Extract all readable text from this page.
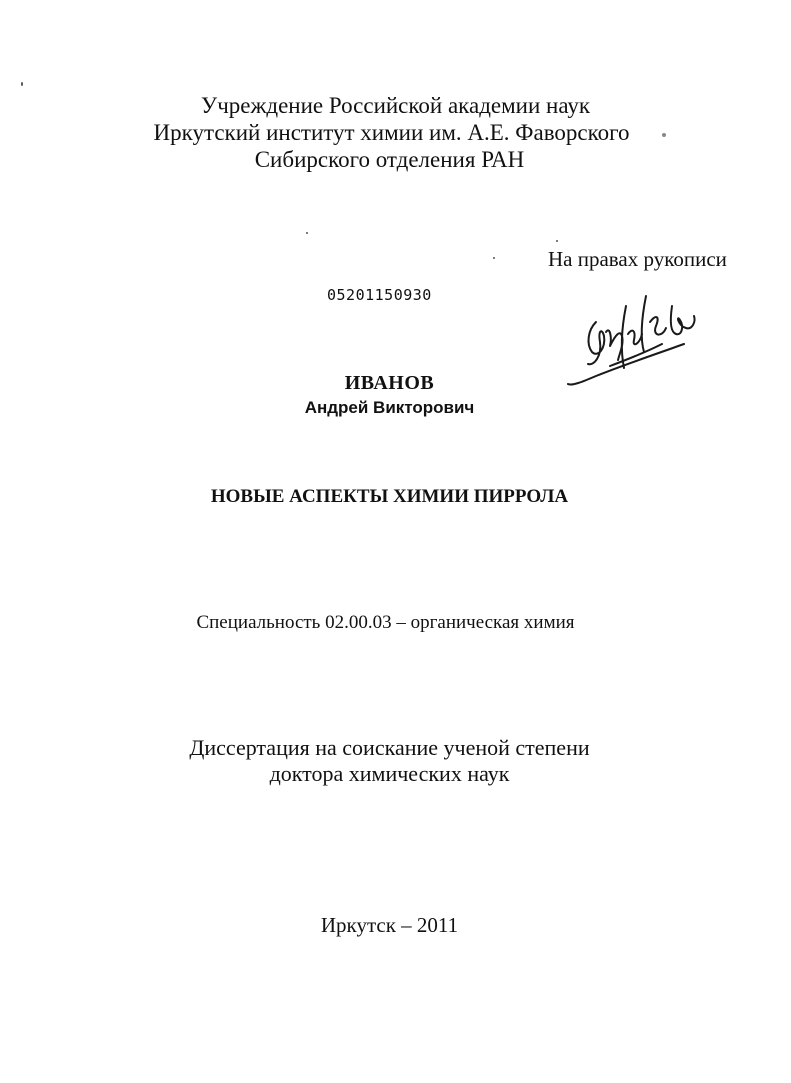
Учреждение Российской академии наук
Иркутский институт химии им. А.Е. Фаворского
Сибирского отделения РАН
На правах рукописи
05201150930
ИВАНОВ
Андрей Викторович
НОВЫЕ АСПЕКТЫ ХИМИИ ПИРРОЛА
Специальность 02.00.03 – органическая химия
Диссертация на соискание ученой степени
доктора химических наук
Иркутск – 2011
